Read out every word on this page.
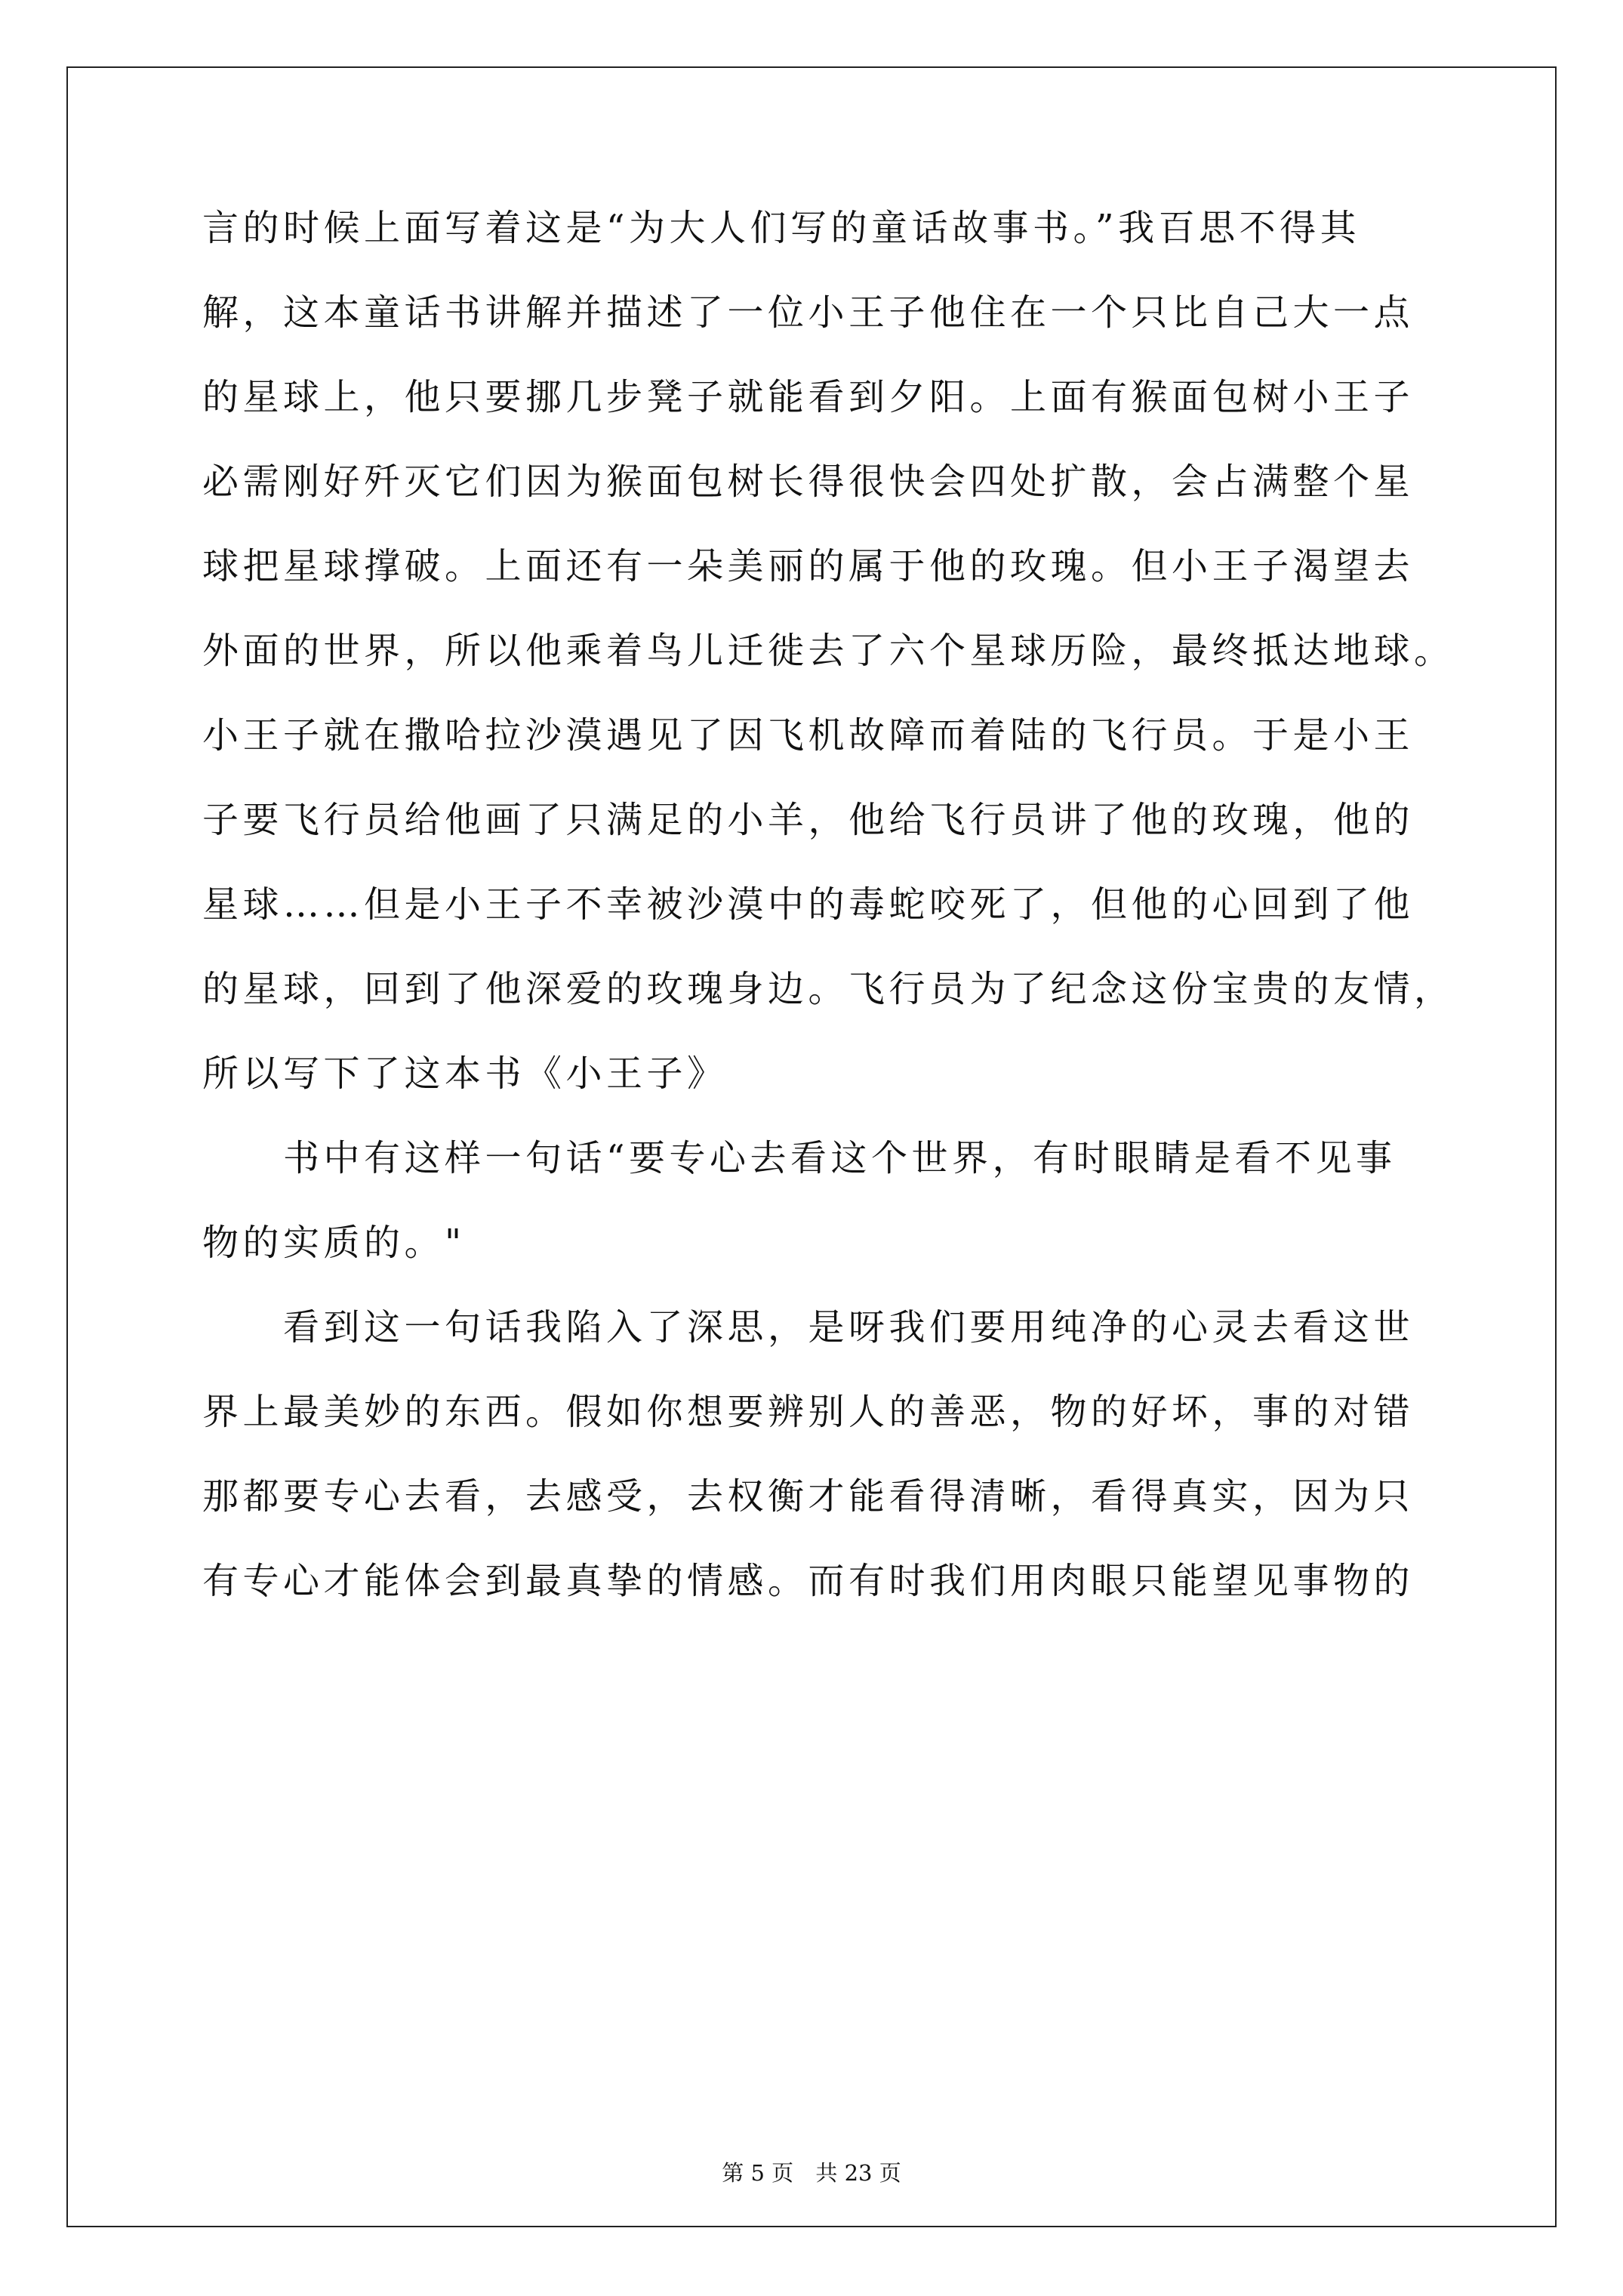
言的时候上面写着这是“为大人们写的童话故事书。”我百思不得其
解，这本童话书讲解并描述了一位小王子他住在一个只比自己大一点
的星球上，他只要挪几步凳子就能看到夕阳。上面有猴面包树小王子
必需刚好歼灭它们因为猴面包树长得很快会四处扩散，会占满整个星
球把星球撑破。上面还有一朵美丽的属于他的玫瑰。但小王子渴望去
外面的世界，所以他乘着鸟儿迁徙去了六个星球历险，最终抵达地球。
小王子就在撒哈拉沙漠遇见了因飞机故障而着陆的飞行员。于是小王
子要飞行员给他画了只满足的小羊，他给飞行员讲了他的玫瑰，他的
星球……但是小王子不幸被沙漠中的毒蛇咬死了，但他的心回到了他
的星球，回到了他深爱的玫瑰身边。飞行员为了纪念这份宝贵的友情，
所以写下了这本书《小王子》
　　书中有这样一句话“要专心去看这个世界，有时眼睛是看不见事
物的实质的。"
　　看到这一句话我陷入了深思，是呀我们要用纯净的心灵去看这世
界上最美妙的东西。假如你想要辨别人的善恶，物的好坏，事的对错
那都要专心去看，去感受，去权衡才能看得清晰，看得真实，因为只
有专心才能体会到最真挚的情感。而有时我们用肉眼只能望见事物的
第 5 页 共 23 页
